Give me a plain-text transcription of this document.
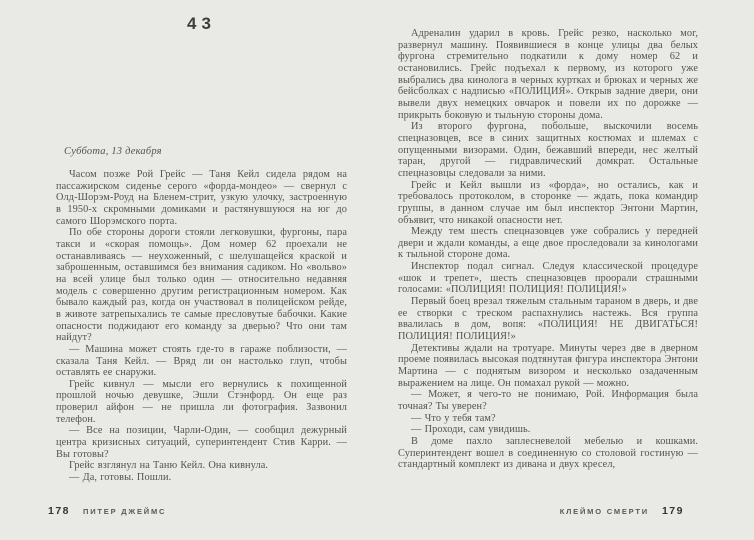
43
Суббота, 13 декабря

Часом позже Рой Грейс — Таня Кейл сидела рядом на пассажирском сиденье серого «форда-мондео» — свернул с Олд-Шорэм-Роуд на Бленем-стрит, узкую улочку, застроенную в 1950-х скромными домиками и растянувшуюся на юг до самого Шорэмского порта.

По обе стороны дороги стояли легковушки, фургоны, пара такси и «скорая помощь». Дом номер 62 проехали не останавливаясь — неухоженный, с шелушащейся краской и заброшенным, оставшимся без внимания садиком. Но «вольво» на всей улице был только один — относительно недавняя модель с совершенно другим регистрационным номером. Как бывало каждый раз, когда он участвовал в полицейском рейде, в животе затрепыхались те самые пресловутые бабочки. Какие опасности поджидают его команду за дверью? Что они там найдут?

— Машина может стоять где-то в гараже поблизости, — сказала Таня Кейл. — Вряд ли он настолько глуп, чтобы оставлять ее снаружи.

Грейс кивнул — мысли его вернулись к похищенной прошлой ночью девушке, Эшли Стэнфорд. Он еще раз проверил айфон — не пришла ли фотография. Зазвонил телефон.

— Все на позиции, Чарли-Один, — сообщил дежурный центра кризисных ситуаций, суперинтендент Стив Карри. — Вы готовы?

Грейс взглянул на Таню Кейл. Она кивнула.

— Да, готовы. Пошли.

Адреналин ударил в кровь. Грейс резко, насколько мог, развернул машину. Появившиеся в конце улицы два белых фургона стремительно подкатили к дому номер 62 и остановились. Грейс подъехал к первому, из которого уже выбрались два кинолога в черных куртках и брюках и черных же бейсболках с надписью «ПОЛИЦИЯ». Открыв задние двери, они вывели двух немецких овчарок и повели их по дорожке — прикрыть боковую и тыльную стороны дома.

Из второго фургона, побольше, выскочили восемь спецназовцев, все в синих защитных костюмах и шлемах с опущенными визорами. Один, бежавший впереди, нес желтый таран, другой — гидравлический домкрат. Остальные спецназовцы следовали за ними.

Грейс и Кейл вышли из «форда», но остались, как и требовалось протоколом, в сторонке — ждать, пока командир группы, в данном случае им был инспектор Энтони Мартин, объявит, что никакой опасности нет.

Между тем шесть спецназовцев уже собрались у передней двери и ждали команды, а еще двое проследовали за кинологами к тыльной стороне дома.

Инспектор подал сигнал. Следуя классической процедуре «шок и трепет», шесть спецназовцев проорали страшными голосами: «ПОЛИЦИЯ! ПОЛИЦИЯ! ПОЛИЦИЯ!»

Первый боец врезал тяжелым стальным тараном в дверь, и две ее створки с треском распахнулись настежь. Вся группа ввалилась в дом, вопя: «ПОЛИЦИЯ! НЕ ДВИГАТЬСЯ! ПОЛИЦИЯ! ПОЛИЦИЯ!»

Детективы ждали на тротуаре. Минуты через две в дверном проеме появилась высокая подтянутая фигура инспектора Энтони Мартина — с поднятым визором и несколько озадаченным выражением на лице. Он помахал рукой — можно.

— Может, я чего-то не понимаю, Рой. Информация была точная? Ты уверен?

— Что у тебя там?

— Проходи, сам увидишь.

В доме пахло заплесневелой мебелью и кошками. Суперинтендент вошел в соединенную со столовой гостиную — стандартный комплект из дивана и двух кресел,

178 ПИТЕР ДЖЕЙМС	КЛЕЙМО СМЕРТИ 179
